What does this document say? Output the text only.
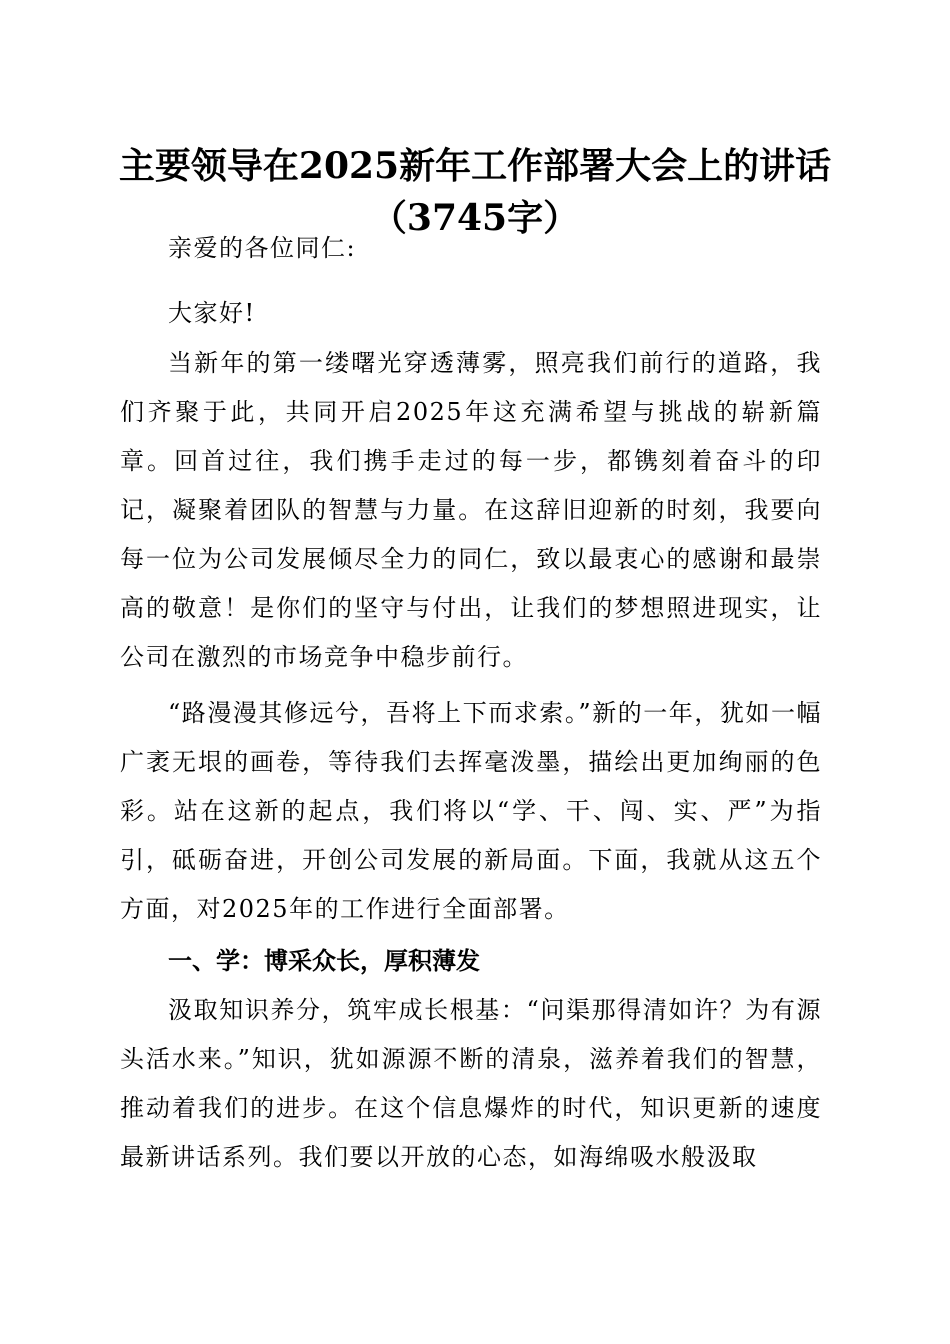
主要领导在2025新年工作部署大会上的讲话
（3745字）

亲爱的各位同仁:

大家好!

当新年的第一缕曙光穿透薄雾，照亮我们前行的道路，我们齐聚于此，共同开启2025年这充满希望与挑战的崭新篇章。回首过往，我们携手走过的每一步，都镌刻着奋斗的印记，凝聚着团队的智慧与力量。在这辞旧迎新的时刻，我要向每一位为公司发展倾尽全力的同仁，致以最衷心的感谢和最崇高的敬意！是你们的坚守与付出，让我们的梦想照进现实，让公司在激烈的市场竞争中稳步前行。

“路漫漫其修远兮，吾将上下而求索。”新的一年，犹如一幅广袤无垠的画卷，等待我们去挥毫泼墨，描绘出更加绚丽的色彩。站在这新的起点，我们将以“学、干、闯、实、严”为指引，砥砺奋进，开创公司发展的新局面。下面，我就从这五个方面，对2025年的工作进行全面部署。

一、学：博采众长，厚积薄发

汲取知识养分，筑牢成长根基：“问渠那得清如许？为有源头活水来。”知识，犹如源源不断的清泉，滋养着我们的智慧，推动着我们的进步。在这个信息爆炸的时代，知识更新的速度最新讲话系列。我们要以开放的心态，如海绵吸水般汲取
